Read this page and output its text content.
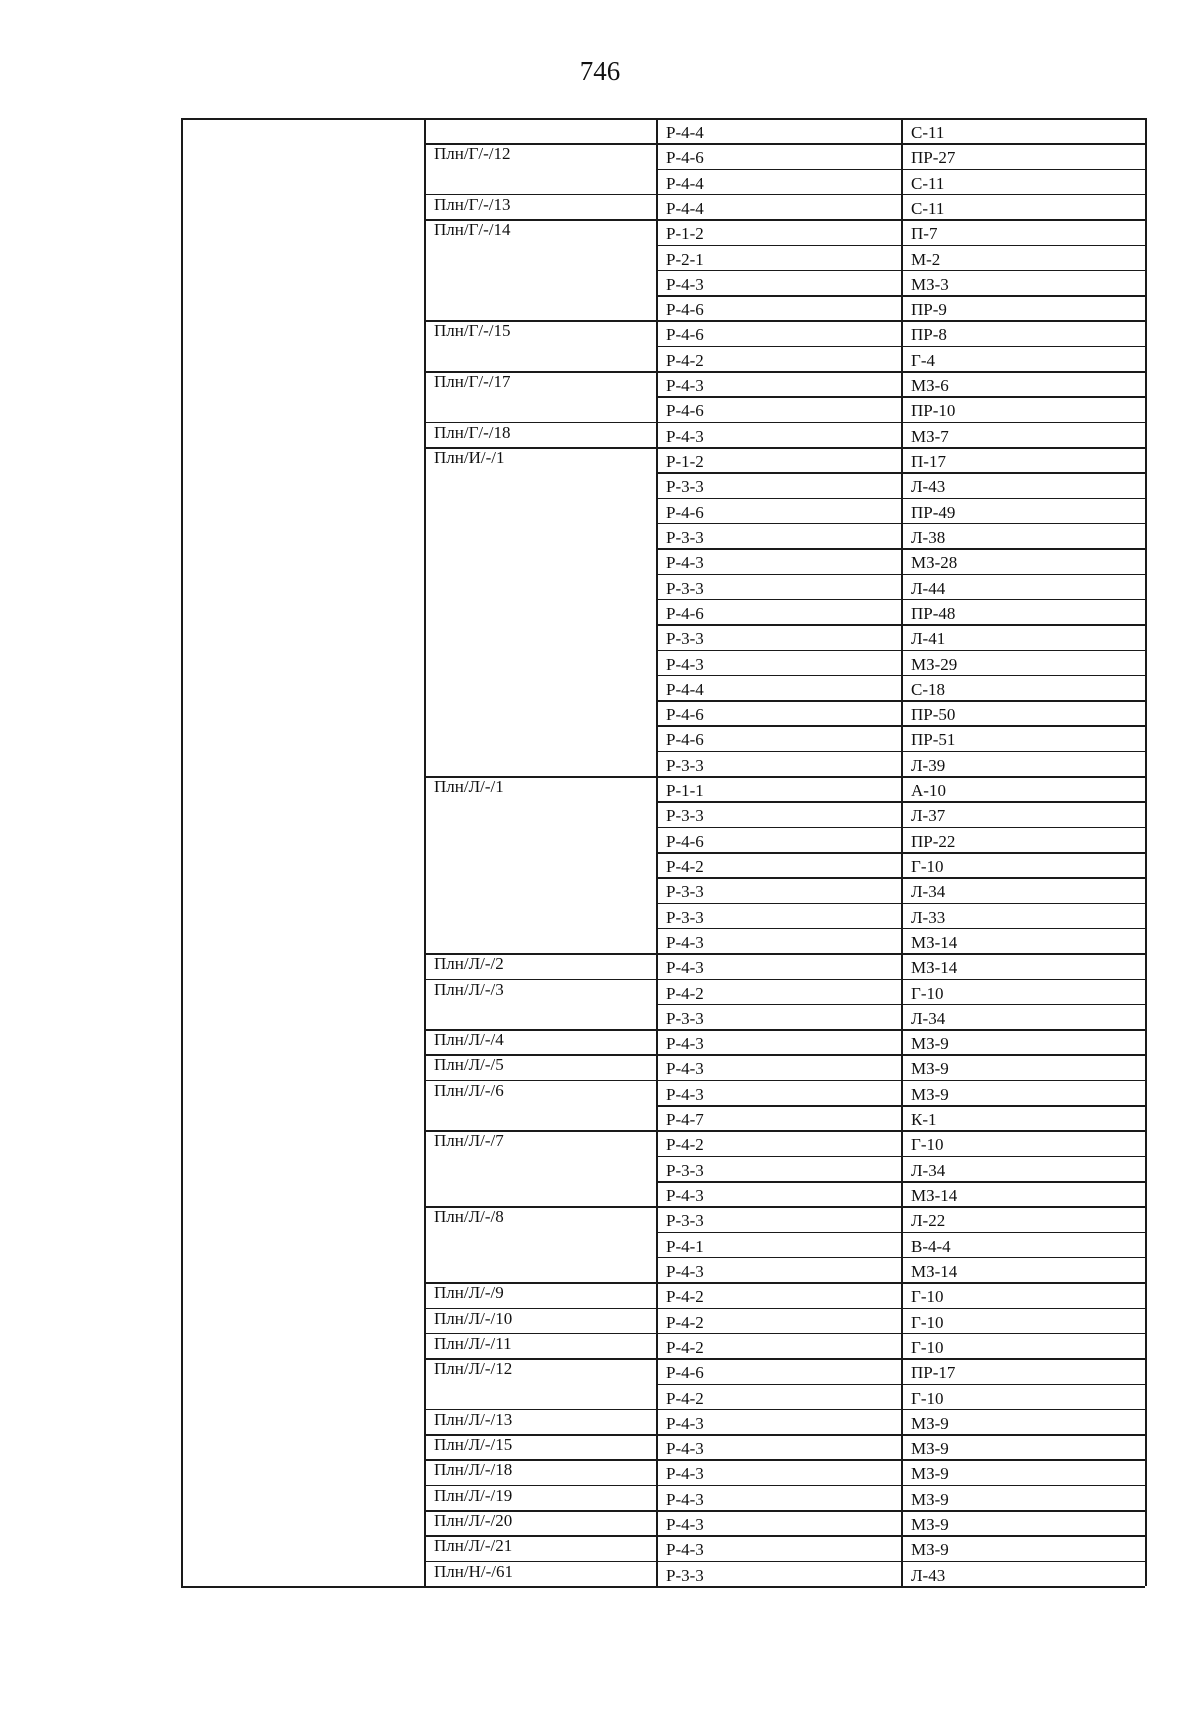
746
Р-4-4	С-11
Плн/Г/-/12	Р-4-6	ПР-27
Р-4-4	С-11
Плн/Г/-/13	Р-4-4	С-11
Плн/Г/-/14	Р-1-2	П-7
Р-2-1	М-2
Р-4-3	МЗ-3
Р-4-6	ПР-9
Плн/Г/-/15	Р-4-6	ПР-8
Р-4-2	Г-4
Плн/Г/-/17	Р-4-3	МЗ-6
Р-4-6	ПР-10
Плн/Г/-/18	Р-4-3	МЗ-7
Плн/И/-/1	Р-1-2	П-17
Р-3-3	Л-43
Р-4-6	ПР-49
Р-3-3	Л-38
Р-4-3	МЗ-28
Р-3-3	Л-44
Р-4-6	ПР-48
Р-3-3	Л-41
Р-4-3	МЗ-29
Р-4-4	С-18
Р-4-6	ПР-50
Р-4-6	ПР-51
Р-3-3	Л-39
Плн/Л/-/1	Р-1-1	А-10
Р-3-3	Л-37
Р-4-6	ПР-22
Р-4-2	Г-10
Р-3-3	Л-34
Р-3-3	Л-33
Р-4-3	МЗ-14
Плн/Л/-/2	Р-4-3	МЗ-14
Плн/Л/-/3	Р-4-2	Г-10
Р-3-3	Л-34
Плн/Л/-/4	Р-4-3	МЗ-9
Плн/Л/-/5	Р-4-3	МЗ-9
Плн/Л/-/6	Р-4-3	МЗ-9
Р-4-7	К-1
Плн/Л/-/7	Р-4-2	Г-10
Р-3-3	Л-34
Р-4-3	МЗ-14
Плн/Л/-/8	Р-3-3	Л-22
Р-4-1	В-4-4
Р-4-3	МЗ-14
Плн/Л/-/9	Р-4-2	Г-10
Плн/Л/-/10	Р-4-2	Г-10
Плн/Л/-/11	Р-4-2	Г-10
Плн/Л/-/12	Р-4-6	ПР-17
Р-4-2	Г-10
Плн/Л/-/13	Р-4-3	МЗ-9
Плн/Л/-/15	Р-4-3	МЗ-9
Плн/Л/-/18	Р-4-3	МЗ-9
Плн/Л/-/19	Р-4-3	МЗ-9
Плн/Л/-/20	Р-4-3	МЗ-9
Плн/Л/-/21	Р-4-3	МЗ-9
Плн/Н/-/61	Р-3-3	Л-43
